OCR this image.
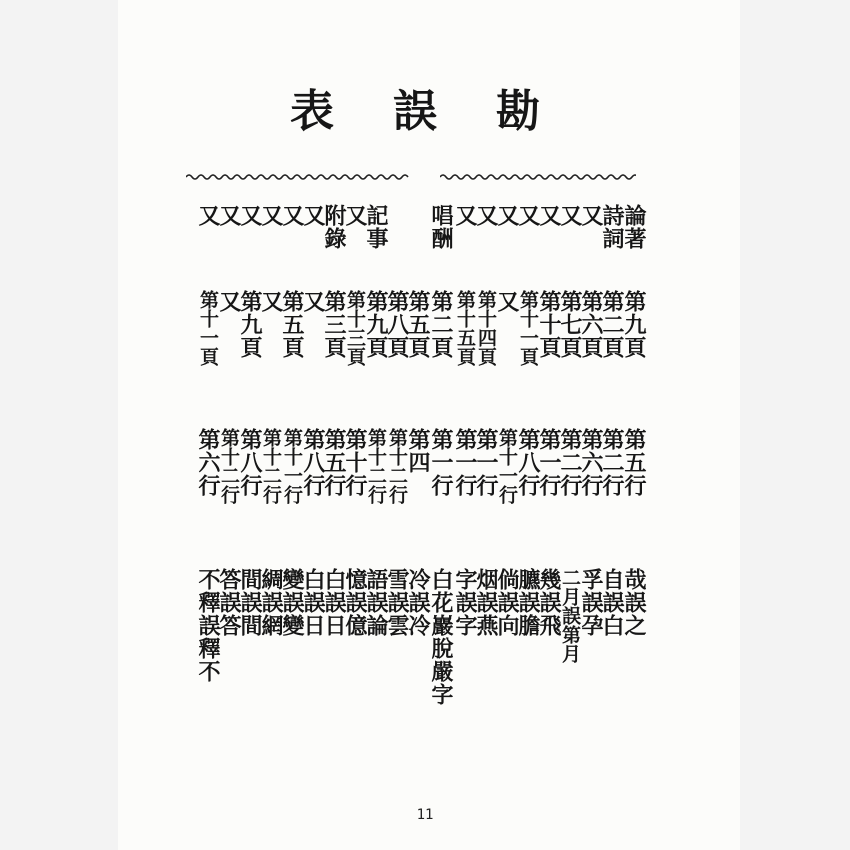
表 誤 勘
論著
第九頁
第五行
哉誤之
詩詞
第二頁
第二行
自誤白
又
第六頁
第六行
孚誤孕
又
第七頁
第二行
二月誤第月
又
第十頁
第一行
幾誤飛
又
第十一頁
第八行
臕誤膽
又
又
第十一行
倘誤向
又
第十四頁
第一行
烟誤燕
又
第十五頁
第一行
字誤字
唱酬
第二頁
第一行
白花巖脫嚴字
第五頁
第四
冷誤冷
第八頁
第十二行
雪誤雲
記事
第九頁
第十二行
語誤論
又
第十三頁
第十行
憶誤億
附錄
第三頁
第五行
白誤日
又
又
第八行
白誤日
又
第五頁
第十一行
變誤變
又
又
第十二行
綢誤網
又
第九頁
第八行
間誤間
又
又
第十二行
答誤答
又
第十一頁
第六行
不釋誤釋不
11
